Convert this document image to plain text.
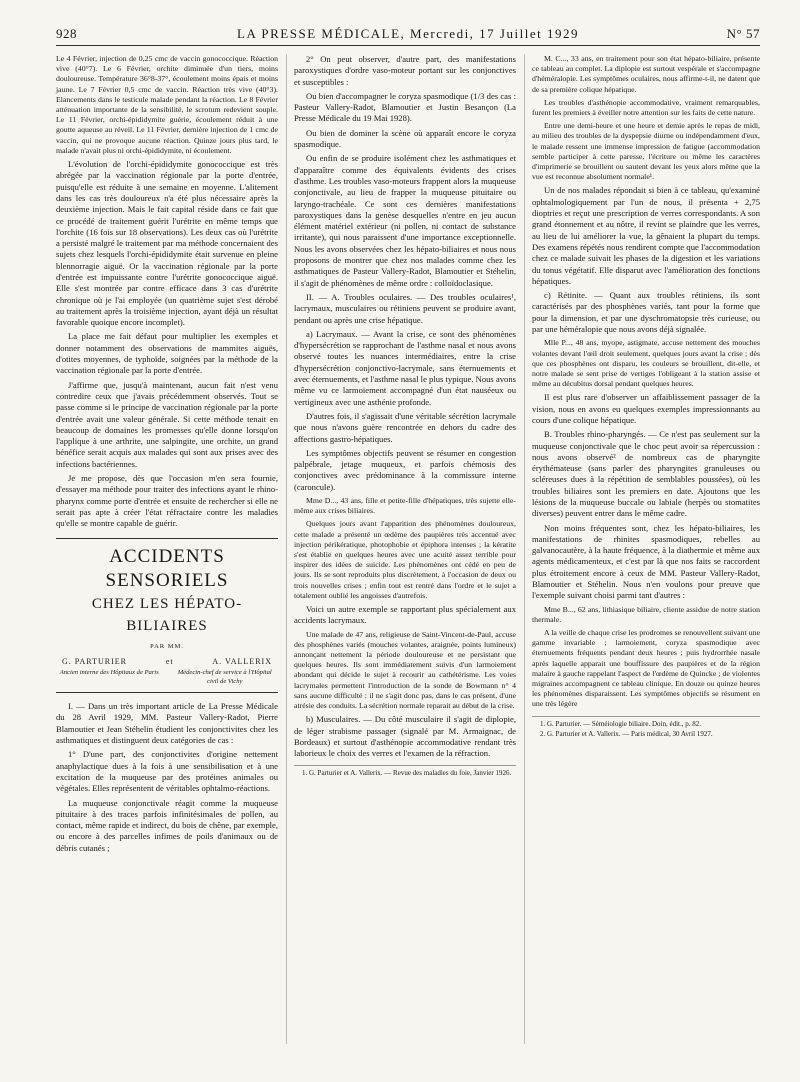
928	LA PRESSE MÉDICALE, Mercredi, 17 Juillet 1929	N° 57

Le 4 Février, injection de 0,25 cmc de vaccin gonococcique. Réaction vive (40°7). Le 6 Février, orchite diminuée d'un tiers, moins douloureuse. Température 36°8-37°, écoulement moins épais et moins jaune. Le 7 Février 0,5 cmc de vaccin. Réaction très vive (40°3). Elancements dans le testicule malade pendant la réaction. Le 8 Février atténuation importante de la sensibilité, le scrotum redevient souple. Le 11 Février, orchi-épididymite guérie, écoulement réduit à une goutte aqueuse au réveil. Le 11 Février, dernière injection de 1 cmc de vaccin, qui ne provoque aucune réaction. Quinze jours plus tard, le malade n'avait plus ni orchi-épididymite, ni écoulement.

L'évolution de l'orchi-épididymite gonococcique est très abrégée par la vaccination régionale par la porte d'entrée, puisqu'elle est réduite à une semaine en moyenne. L'alitement dans les cas très douloureux n'a été plus nécessaire après la deuxième injection. Mais le fait capital réside dans ce fait que ce procédé de traitement guérit l'urétrite en même temps que l'orchite (16 fois sur 18 observations). Les deux cas où l'urétrite a persisté malgré le traitement par ma méthode concernaient des sujets chez lesquels l'orchi-épididymite était survenue en pleine blennorragie aiguë. Or la vaccination régionale par la porte d'entrée est impuissante contre l'urétrite gonococcique aiguë. Elle s'est montrée par contre efficace dans 3 cas d'urétrite chronique où je l'ai employée (un quatrième sujet s'est dérobé au traitement après la troisième injection, ayant déjà un résultat favorable quoique encore incomplet).

La place me fait défaut pour multiplier les exemples et donner notamment des observations de mammites aiguës, d'otites moyennes, de typhoïde, soignées par la méthode de la vaccination régionale par la porte d'entrée.

J'affirme que, jusqu'à maintenant, aucun fait n'est venu contredire ceux que j'avais précédemment observés. Tout se passe comme si le principe de vaccination régionale par la porte d'entrée avait une valeur générale. Si cette méthode tenait en beaucoup de domaines les promesses qu'elle donne lorsqu'on l'applique à une arthrite, une salpingite, une orchite, un grand bénéfice serait acquis aux malades qui sont aux prises avec des infections bactériennes.

Je me propose, dès que l'occasion m'en sera fournie, d'essayer ma méthode pour traiter des infections ayant le rhino-pharynx comme porte d'entrée et ensuite de rechercher si elle ne serait pas apte à créer l'état réfractaire contre les maladies qu'elle se montre capable de guérir.

ACCIDENTS SENSORIELS
CHEZ LES HÉPATO-BILIAIRES
PAR MM.
G. PARTURIER	et	A. VALLERIX
Ancien interne des Hôpitaux de Paris	Médecin-chef de service à l'Hôpital civil de Vichy

I. — Dans un très important article de La Presse Médicale du 28 Avril 1929, MM. Pasteur Vallery-Radot, Pierre Blamoutier et Jean Stéhelin étudient les conjonctivites chez les asthmatiques et distinguent deux catégories de cas :

1° D'une part, des conjonctivites d'origine nettement anaphylactique dues à la fois à une sensibilisation et à une excitation de la muqueuse par des protéines animales ou végétales. Elles représentent de véritables ophtalmo-réactions.

La muqueuse conjonctivale réagit comme la muqueuse pituitaire à des traces parfois infinitésimales de pollen, au contact, même rapide et indirect, du bois de chêne, par exemple, ou encore à des parcelles infimes de poils d'animaux ou de débris cutanés ;

2° On peut observer, d'autre part, des manifestations paroxystiques d'ordre vaso-moteur portant sur les conjonctives et susceptibles :

Ou bien d'accompagner le coryza spasmodique (1/3 des cas : Pasteur Vallery-Radot, Blamoutier et Justin Besançon (La Presse Médicale du 19 Mai 1928).

Ou bien de dominer la scène où apparaît encore le coryza spasmodique.

Ou enfin de se produire isolément chez les asthmatiques et d'apparaître comme des équivalents évidents des crises d'asthme. Les troubles vaso-moteurs frappent alors la muqueuse conjonctivale, au lieu de frapper la muqueuse pituitaire ou laryngo-trachéale. Ce sont ces dernières manifestations paroxystiques dans la genèse desquelles n'entre en jeu aucun élément matériel extérieur (ni pollen, ni contact de substance irritante), qui nous paraissent d'une importance exceptionnelle. Nous les avons observées chez les hépato-biliaires et nous nous proposons de montrer que chez nos malades comme chez les asthmatiques de Pasteur Vallery-Radot, Blamoutier et Stéhelin, il s'agit de phénomènes de même ordre : colloïdoclasique.

II. — A. Troubles oculaires. — Des troubles oculaires¹, lacrymaux, musculaires ou rétiniens peuvent se produire avant, pendant ou après une crise hépatique.

a) Lacrymaux. — Avant la crise, ce sont des phénomènes d'hypersécrétion se rapprochant de l'asthme nasal et nous avons observé toutes les nuances intermédiaires, entre la crise d'hypersécrétion conjonctivo-lacrymale, sans éternuements et avec éternuements, et l'asthme nasal le plus typique. Nous avons même vu ce larmoiement accompagné d'un état nauséeux ou vertigineux avec une asthénie profonde.

D'autres fois, il s'agissait d'une véritable sécrétion lacrymale que nous n'avons guère rencontrée en dehors du cadre des affections gastro-hépatiques.

Les symptômes objectifs peuvent se résumer en congestion palpébrale, jetage muqueux, et parfois chémosis des conjonctives avec prédominance à la commissure interne (caroncule).

Mme D..., 43 ans, fille et petite-fille d'hépatiques, très sujette elle-même aux crises biliaires.

Quelques jours avant l'apparition des phénomènes douloureux, cette malade a présenté un œdème des paupières très accentué avec injection périkératique, photophobie et épiphora intenses ; la kératite s'est établie en quelques heures avec une acuité assez terrible pour inspirer des idées de suicide. Les phénomènes ont cédé en peu de jours. Ils se sont reproduits plus discrètement, à l'occasion de deux ou trois nouvelles crises ; enfin tout est rentré dans l'ordre et le sujet a totalement oublié les angoisses d'autrefois.

Voici un autre exemple se rapportant plus spécialement aux accidents lacrymaux.

Une malade de 47 ans, religieuse de Saint-Vincent-de-Paul, accuse des phosphènes variés (mouches volantes, araignée, points lumineux) annonçant nettement la période douloureuse et ne persistant que quelques heures. Ils sont immédiatement suivis d'un larmoiement abondant qui décide le sujet à recourir au cathétérisme. Les voies lacrymales permettent l'introduction de la sonde de Bowmann n° 4 sans aucune difficulté : il ne s'agit donc pas, dans le cas présent, d'une atrésie des conduits. La sécrétion normale reparait au début de la crise.

b) Musculaires. — Du côté musculaire il s'agit de diplopie, de léger strabisme passager (signalé par M. Armaignac, de Bordeaux) et surtout d'asthénopie accommodative rendant très laborieux le choix des verres et l'examen de la réfraction.

1. G. Parturier et A. Vallerix. — Revue des maladies du foie, Janvier 1926.

M. C..., 33 ans, en traitement pour son état hépato-biliaire, présente ce tableau au complet. La diplopie est surtout vespérale et s'accompagne d'héméralopie. Les symptômes oculaires, nous affirme-t-il, ne datent que de sa première colique hépatique.

Les troubles d'asthénopie accommodative, vraiment remarquables, furent les premiers à éveiller notre attention sur les faits de cette nature.

Entre une demi-heure et une heure et demie après le repas de midi, au milieu des troubles de la dyspepsie diurne ou indépendamment d'eux, le malade ressent une immense impression de fatigue (accommodation semble participer à cette paresse, l'écriture ou même les caractères d'imprimerie se brouillent ou sautent devant les yeux alors même que la vue est reconnue absolument normale¹.

Un de nos malades répondait si bien à ce tableau, qu'examiné ophtalmologiquement par l'un de nous, il présenta + 2,75 dioptries et reçut une prescription de verres correspondants. A son grand étonnement et au nôtre, il revint se plaindre que les verres, au lieu de lui améliorer la vue, la gênaient la plupart du temps. Des examens répétés nous rendirent compte que l'accommodation chez ce malade suivait les phases de la digestion et les variations du tonus végétatif. Elle disparut avec l'amélioration des fonctions hépatiques.

c) Rétinite. — Quant aux troubles rétiniens, ils sont caractérisés par des phosphènes variés, tant pour la forme que pour la dimension, et par une dyschromatopsie très curieuse, ou par une héméralopie que nous avons déjà signalée.

Mlle P..., 48 ans, myope, astigmate, accuse nettement des mouches volantes devant l'œil droit seulement, quelques jours avant la crise ; dès que ces phosphènes ont disparu, les couleurs se brouillent, dit-elle, et notre malade se sent prise de vertiges l'obligeant à la station assise et même au décubitus dorsal pendant quelques heures.

Il est plus rare d'observer un affaiblissement passager de la vision, nous en avons eu quelques exemples impressionnants au cours d'une colique hépatique.

B. Troubles rhino-pharyngés. — Ce n'est pas seulement sur la muqueuse conjonctivale que le choc peut avoir sa répercussion : nous avons observé² de nombreux cas de pharyngite érythémateuse (sans parler des pharyngites granuleuses ou scléreuses dues à la répétition de semblables poussées), où les troubles biliaires sont les premiers en date. Ajoutons que les lésions de la muqueuse buccale ou labiale (herpès ou stomatites diverses) peuvent entrer dans le même cadre.

Non moins fréquentes sont, chez les hépato-biliaires, les manifestations de rhinites spasmodiques, rebelles au galvanocautère, à la haute fréquence, à la diathermie et même aux agents médicamenteux, et c'est par là que nos faits se raccordent plus étroitement encore à ceux de MM. Pasteur Vallery-Radot, Blamoutier et Stéhelin. Nous n'en voulons pour preuve que l'exemple suivant choisi parmi tant d'autres :

Mme B..., 62 ans, lithiasique biliaire, cliente assidue de notre station thermale.

A la veille de chaque crise les prodromes se renouvellent suivant une gamme invariable ; larmoiement, coryza spasmodique avec éternuements fréquents pendant deux heures ; puis hydrorrhée nasale après laquelle apparait une bouffissure des paupières et de la région malaire à gauche rappelant l'aspect de l'œdème de Quincke ; de violentes migraines accompagnent ce tableau clinique. En douze ou quinze heures les phénomènes disparaissent. Les symptômes objectifs se résument en une très légère

1. G. Parturier. — Séméiologie biliaire. Doin, édit., p. 82.

2. G. Parturier et A. Vallerix. — Paris médical, 30 Avril 1927.
